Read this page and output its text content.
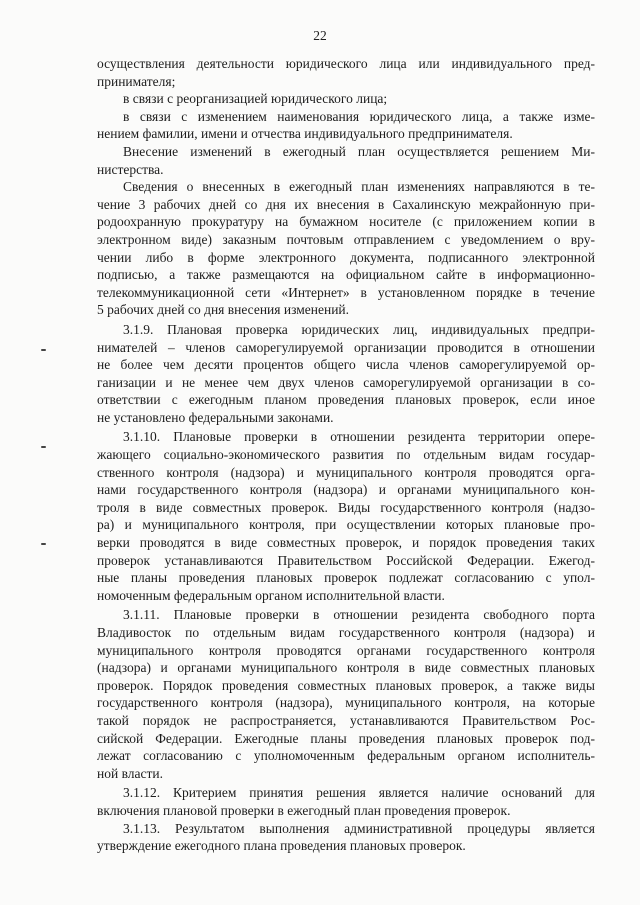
22
осуществления деятельности юридического лица или индивидуального пред-
принимателя;
в связи с реорганизацией юридического лица;
в связи с изменением наименования юридического лица, а также изме-
нением фамилии, имени и отчества индивидуального предпринимателя.
Внесение изменений в ежегодный план осуществляется решением Ми-
нистерства.
Сведения о внесенных в ежегодный план изменениях направляются в те-
чение 3 рабочих дней со дня их внесения в Сахалинскую межрайонную при-
родоохранную прокуратуру на бумажном носителе (с приложением копии в
электронном виде) заказным почтовым отправлением с уведомлением о вру-
чении либо в форме электронного документа, подписанного электронной
подписью, а также размещаются на официальном сайте в информационно-
телекоммуникационной сети «Интернет» в установленном порядке в течение
5 рабочих дней со дня внесения изменений.
3.1.9. Плановая проверка юридических лиц, индивидуальных предпри-
нимателей – членов саморегулируемой организации проводится в отношении
не более чем десяти процентов общего числа членов саморегулируемой ор-
ганизации и не менее чем двух членов саморегулируемой организации в со-
ответствии с ежегодным планом проведения плановых проверок, если иное
не установлено федеральными законами.
3.1.10. Плановые проверки в отношении резидента территории опере-
жающего социально-экономического развития по отдельным видам государ-
ственного контроля (надзора) и муниципального контроля проводятся орга-
нами государственного контроля (надзора) и органами муниципального кон-
троля в виде совместных проверок. Виды государственного контроля (надзо-
ра) и муниципального контроля, при осуществлении которых плановые про-
верки проводятся в виде совместных проверок, и порядок проведения таких
проверок устанавливаются Правительством Российской Федерации. Ежегод-
ные планы проведения плановых проверок подлежат согласованию с упол-
номоченным федеральным органом исполнительной власти.
3.1.11. Плановые проверки в отношении резидента свободного порта
Владивосток по отдельным видам государственного контроля (надзора) и
муниципального контроля проводятся органами государственного контроля
(надзора) и органами муниципального контроля в виде совместных плановых
проверок. Порядок проведения совместных плановых проверок, а также виды
государственного контроля (надзора), муниципального контроля, на которые
такой порядок не распространяется, устанавливаются Правительством Рос-
сийской Федерации. Ежегодные планы проведения плановых проверок под-
лежат согласованию с уполномоченным федеральным органом исполнитель-
ной власти.
3.1.12. Критерием принятия решения является наличие оснований для
включения плановой проверки в ежегодный план проведения проверок.
3.1.13. Результатом выполнения административной процедуры является
утверждение ежегодного плана проведения плановых проверок.
